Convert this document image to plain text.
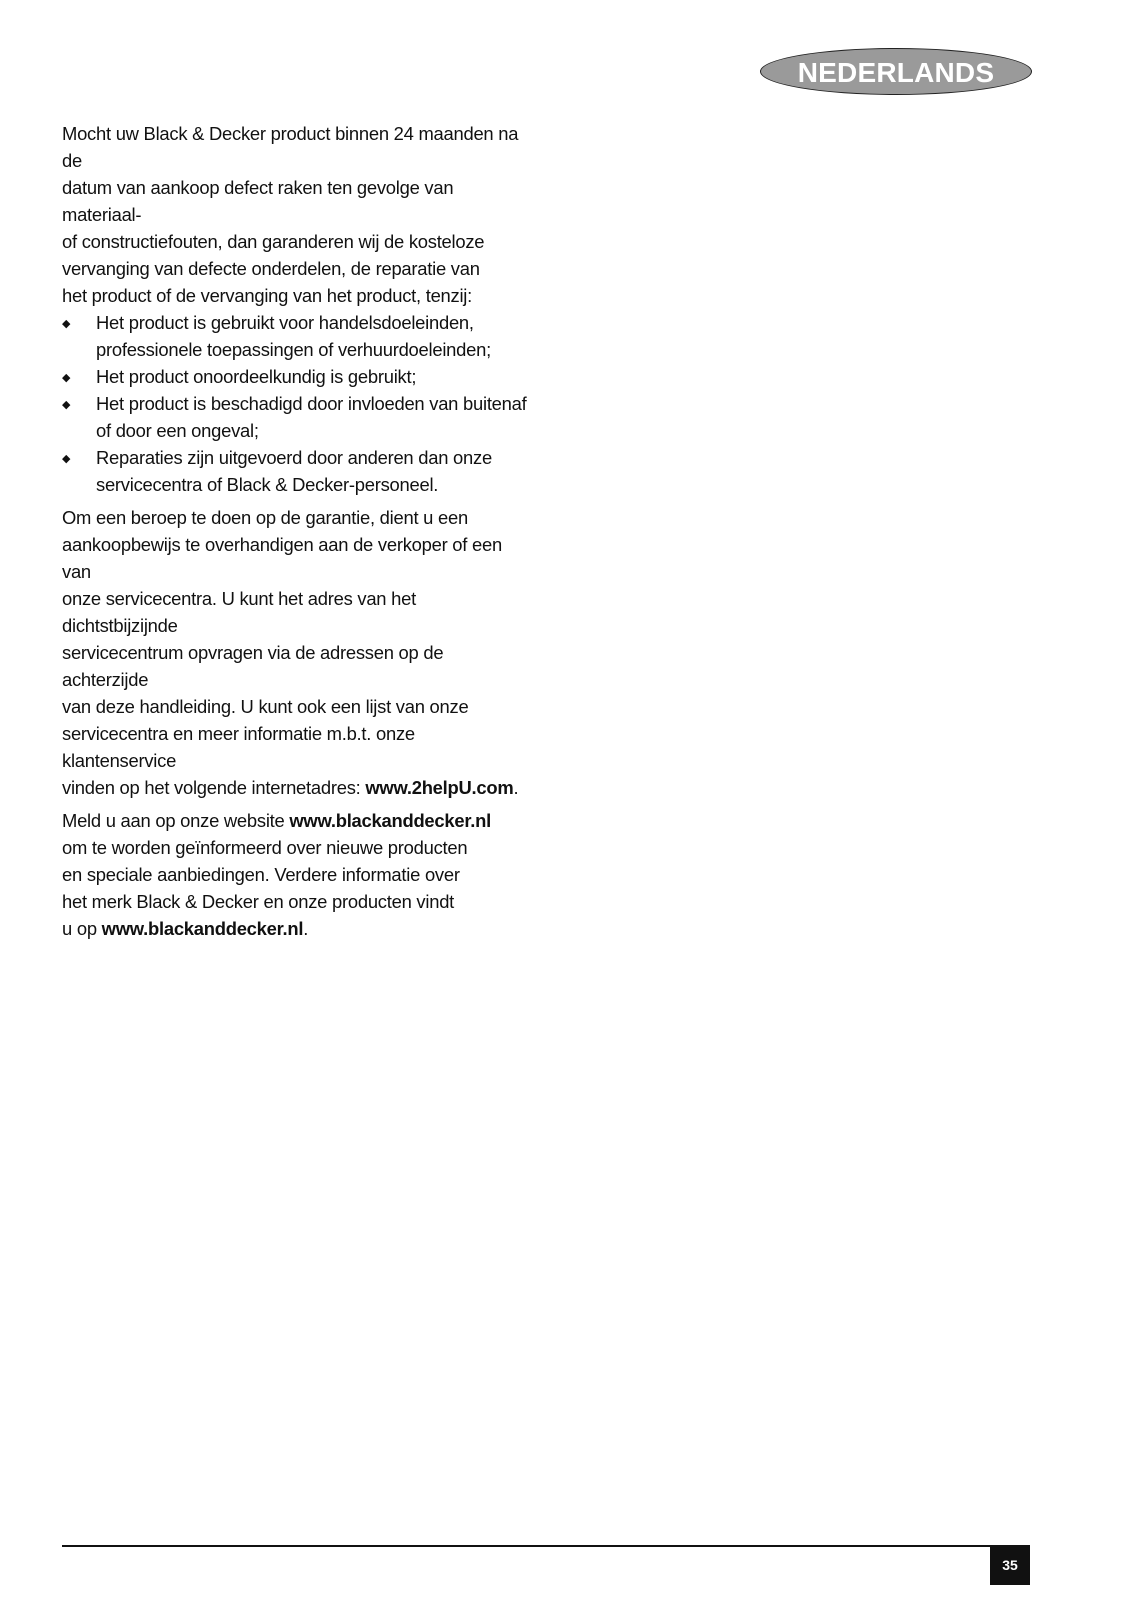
NEDERLANDS

Mocht uw Black & Decker product binnen 24 maanden na de
datum van aankoop defect raken ten gevolge van materiaal-
of constructiefouten, dan garanderen wij de kosteloze
vervanging van defecte onderdelen, de reparatie van
het product of de vervanging van het product, tenzij:

◆ Het product is gebruikt voor handelsdoeleinden,
professionele toepassingen of verhuurdoeleinden;
◆ Het product onoordeelkundig is gebruikt;
◆ Het product is beschadigd door invloeden van buitenaf
of door een ongeval;
◆ Reparaties zijn uitgevoerd door anderen dan onze
servicecentra of Black & Decker-personeel.

Om een beroep te doen op de garantie, dient u een
aankoopbewijs te overhandigen aan de verkoper of een van
onze servicecentra. U kunt het adres van het dichtstbijzijnde
servicecentrum opvragen via de adressen op de achterzijde
van deze handleiding. U kunt ook een lijst van onze
servicecentra en meer informatie m.b.t. onze klantenservice
vinden op het volgende internetadres: www.2helpU.com.

Meld u aan op onze website www.blackanddecker.nl
om te worden geïnformeerd over nieuwe producten
en speciale aanbiedingen. Verdere informatie over
het merk Black & Decker en onze producten vindt
u op www.blackanddecker.nl.

35
